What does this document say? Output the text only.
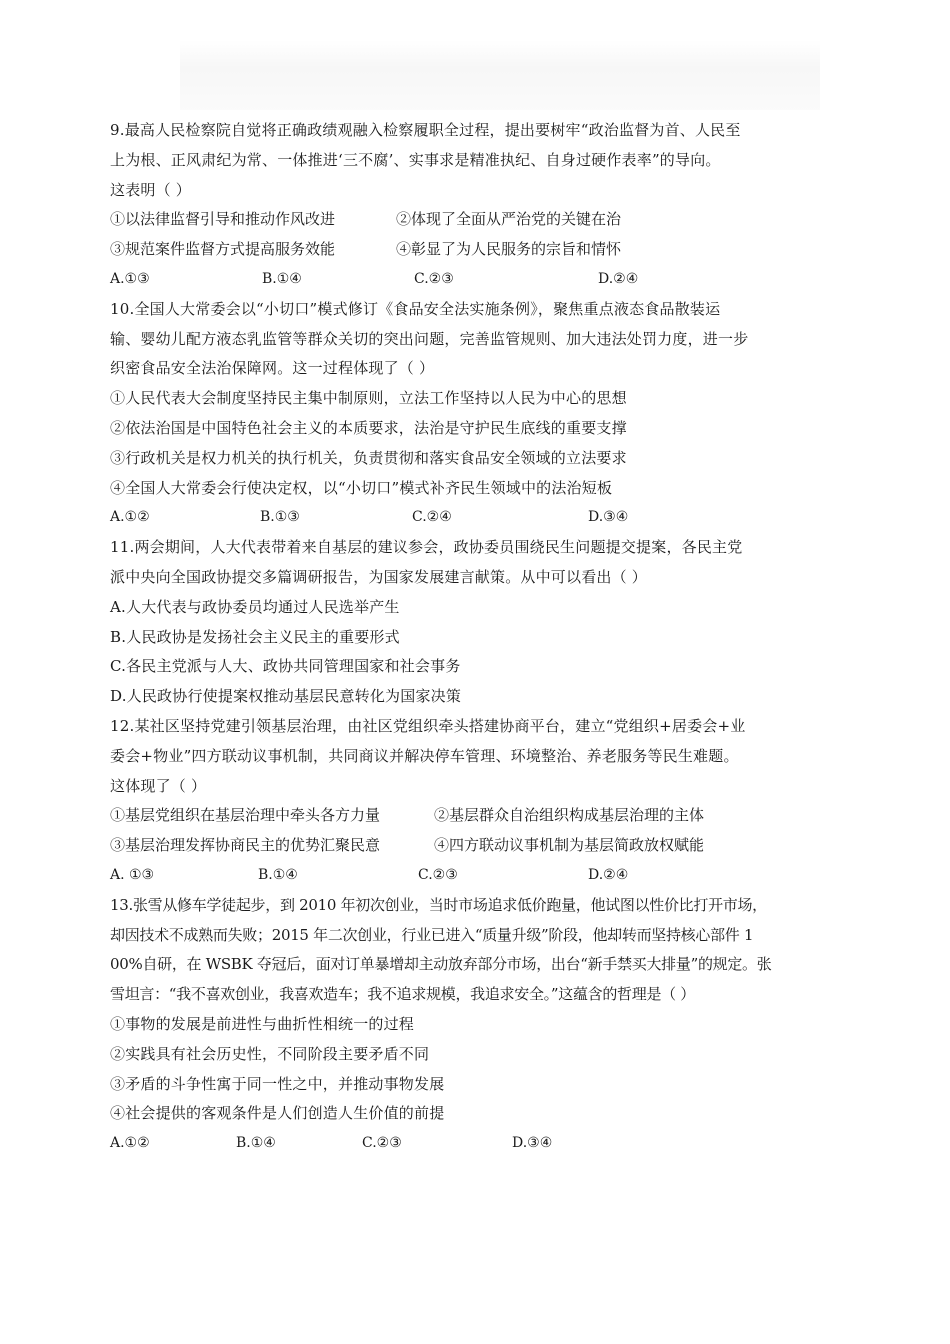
9.最高人民检察院自觉将正确政绩观融入检察履职全过程，提出要树牢“政治监督为首、人民至
上为根、正风肃纪为常、一体推进‘三不腐’、实事求是精准执纪、自身过硬作表率”的导向。
这表明（ ）
①以法律监督引导和推动作风改进	②体现了全面从严治党的关键在治
③规范案件监督方式提高服务效能	④彰显了为人民服务的宗旨和情怀
A.①③	B.①④	C.②③	D.②④
10.全国人大常委会以“小切口”模式修订《食品安全法实施条例》，聚焦重点液态食品散装运
输、婴幼儿配方液态乳监管等群众关切的突出问题，完善监管规则、加大违法处罚力度，进一步
织密食品安全法治保障网。这一过程体现了（ ）
①人民代表大会制度坚持民主集中制原则，立法工作坚持以人民为中心的思想
②依法治国是中国特色社会主义的本质要求，法治是守护民生底线的重要支撑
③行政机关是权力机关的执行机关，负责贯彻和落实食品安全领域的立法要求
④全国人大常委会行使决定权，以“小切口”模式补齐民生领域中的法治短板
A.①②	B.①③	C.②④	D.③④
11.两会期间，人大代表带着来自基层的建议参会，政协委员围绕民生问题提交提案，各民主党
派中央向全国政协提交多篇调研报告，为国家发展建言献策。从中可以看出（ ）
A.人大代表与政协委员均通过人民选举产生
B.人民政协是发扬社会主义民主的重要形式
C.各民主党派与人大、政协共同管理国家和社会事务
D.人民政协行使提案权推动基层民意转化为国家决策
12.某社区坚持党建引领基层治理，由社区党组织牵头搭建协商平台，建立“党组织+居委会+业
委会+物业”四方联动议事机制，共同商议并解决停车管理、环境整治、养老服务等民生难题。
这体现了（ ）
①基层党组织在基层治理中牵头各方力量	②基层群众自治组织构成基层治理的主体
③基层治理发挥协商民主的优势汇聚民意	④四方联动议事机制为基层简政放权赋能
A. ①③	B.①④	C.②③	D.②④
13.张雪从修车学徒起步，到 2010 年初次创业，当时市场追求低价跑量，他试图以性价比打开市场，
却因技术不成熟而失败；2015 年二次创业，行业已进入“质量升级”阶段，他却转而坚持核心部件 1
00%自研，在 WSBK 夺冠后，面对订单暴增却主动放弃部分市场，出台“新手禁买大排量”的规定。张
雪坦言：“我不喜欢创业，我喜欢造车；我不追求规模，我追求安全。”这蕴含的哲理是（ ）
①事物的发展是前进性与曲折性相统一的过程
②实践具有社会历史性，不同阶段主要矛盾不同
③矛盾的斗争性寓于同一性之中，并推动事物发展
④社会提供的客观条件是人们创造人生价值的前提
A.①②	B.①④	C.②③	D.③④
